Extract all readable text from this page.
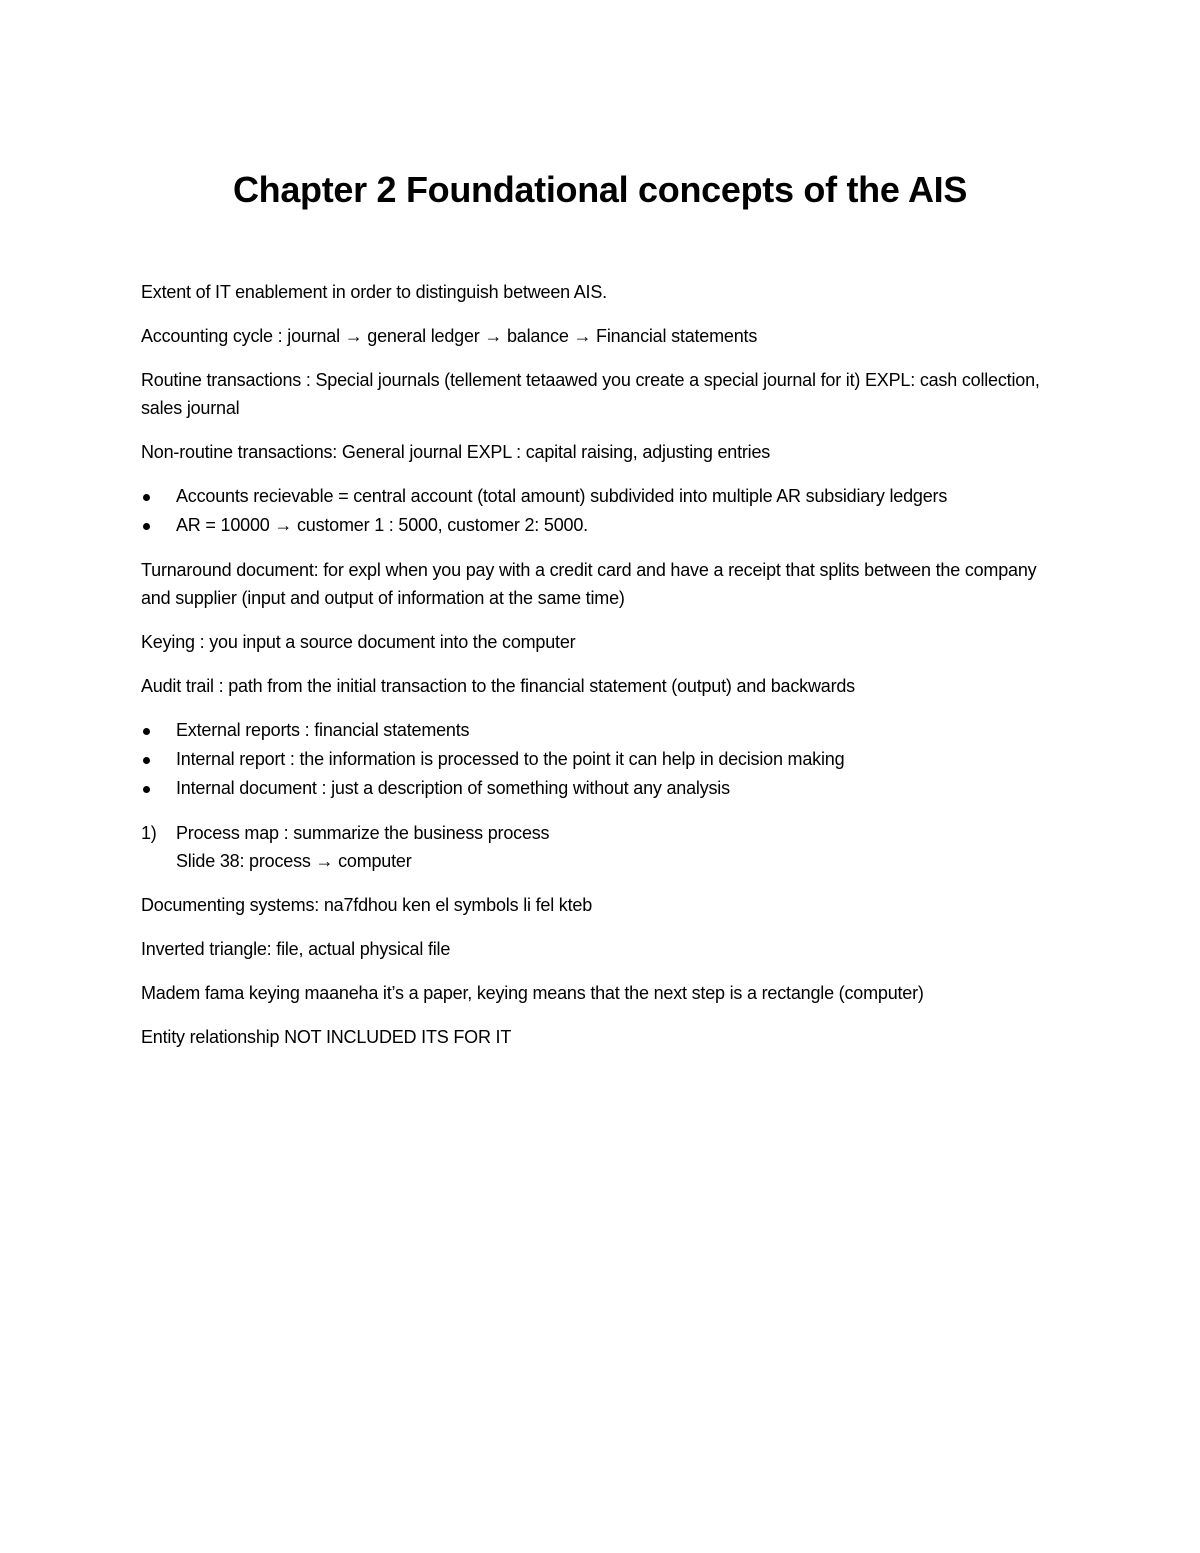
Chapter 2 Foundational concepts of the AIS

Extent of IT enablement in order to distinguish between AIS.

Accounting cycle : journal → general ledger → balance → Financial statements

Routine transactions : Special journals (tellement tetaawed you create a special journal for it) EXPL: cash collection, sales journal

Non-routine transactions: General journal EXPL : capital raising, adjusting entries

Accounts recievable = central account (total amount) subdivided into multiple AR subsidiary ledgers
AR = 10000 → customer 1 : 5000, customer 2: 5000.

Turnaround document: for expl when you pay with a credit card and have a receipt that splits between the company and supplier (input and output of information at the same time)

Keying : you input a source document into the computer

Audit trail : path from the initial transaction to the financial statement (output) and backwards

External reports : financial statements
Internal report : the information is processed to the point it can help in decision making
Internal document : just a description of something without any analysis
1) Process map : summarize the business process
Slide 38: process → computer

Documenting systems: na7fdhou ken el symbols li fel kteb

Inverted triangle: file, actual physical file

Madem fama keying maaneha it’s a paper, keying means that the next step is a rectangle (computer)

Entity relationship NOT INCLUDED ITS FOR IT
